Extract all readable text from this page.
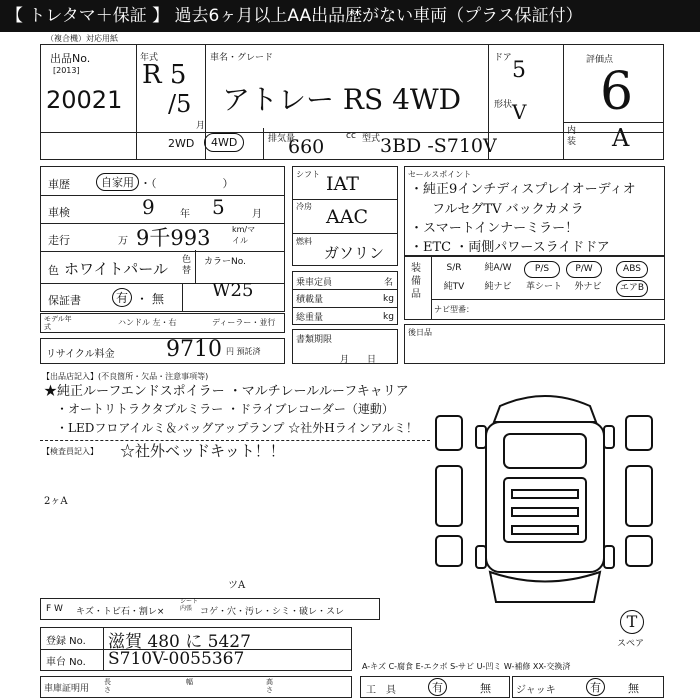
【 トレタマ＋保証 】 過去6ヶ月以上AA出品歴がない車両（プラス保証付）
（複合機）対応用紙
出品No.
[2013]
20021
年式
R 5
/5
月
車名・グレード
アトレー RS 4WD
ドア 5
形状 V
評価点
6
内装 A
2WD	4WD	排気量
660 cc 型式 3BD -S710V
車歴	自家用 ・（　　　　　　）
車検	9	年 5	月
走行	万 9千993	km/マイル
色 ホワイトパール 色替
カラーNo.
保証書	有 ・ 無	W25
モデル年式	ハンドル 左・右	ディーラー・並行
リサイクル料金 9710 円 預託済
シフト IAT
冷房 AAC
燃料
ガソリン
乗車定員	名
積載量	kg
総重量	kg
書類期限
月日
セールスポイント
・純正9インチディスプレイオーディオ
フルセグTV バックカメラ
・スマートインナーミラー！
・ETC ・両側パワースライドドア
装備品
S/R	純A/W	P/S	P/W	ABS
純TV	純ナビ	革シート	外ナビ	エアB
ナビ型番：
後日品
【出品店記入】(不良箇所・欠品・注意事項等)
★純正ルーフエンドスポイラー ・マルチレールルーフキャリア
・オートリトラクタブルミラー ・ドライブレコーダー（連動）
・LEDフロアイルミ＆バッグアップランプ ☆社外Hラインアルミ！
【検査員記入】 ☆社外ベッドキット！！
2ヶA
T
スペア
F W キズ・トビ石・割レ×
シート内張 コゲ・穴・汚レ・シミ・破レ・スレ
ツA
登録 No. 滋賀 480 に 5427
車台 No. S710V-0055367
車庫証明用
長さ
幅	高さ
A-キズ C-腐食 E-エクボ S-サビ U-凹ミ W-補修 XX-交換済
工　具	有	無	ジャッキ	有	無
